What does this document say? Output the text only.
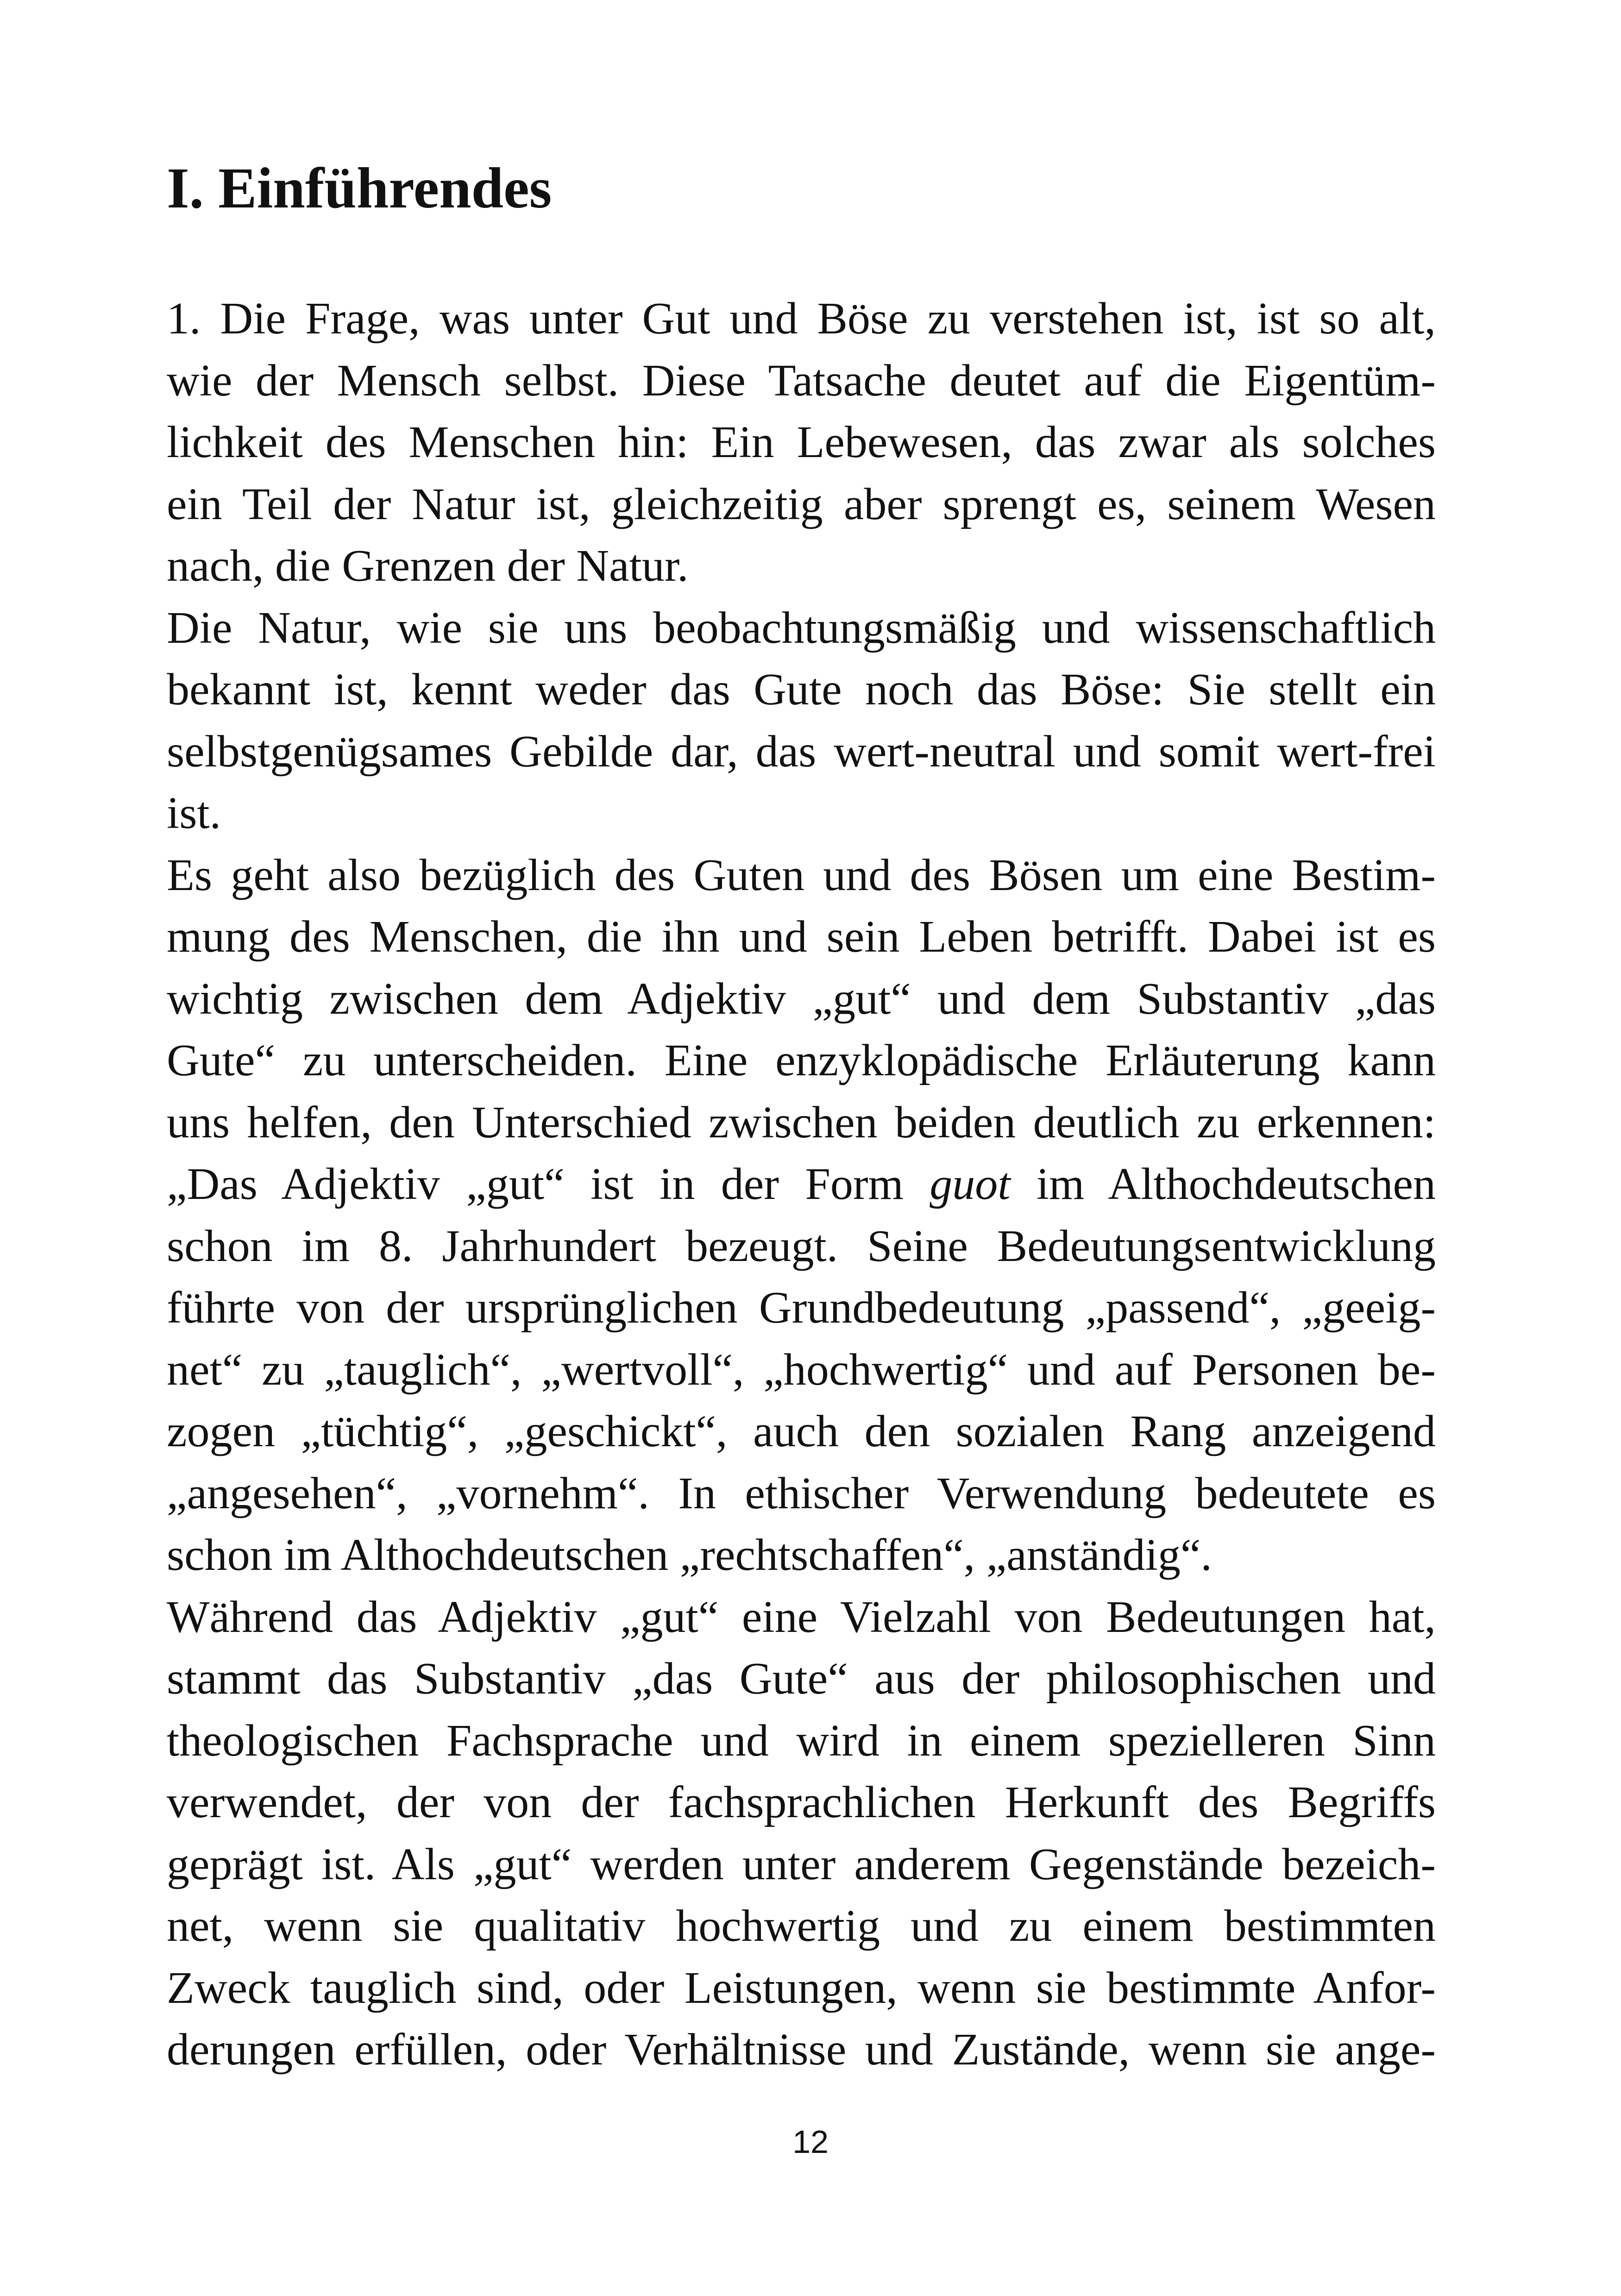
I. Einführendes
1. Die Frage, was unter Gut und Böse zu verstehen ist, ist so alt,
wie der Mensch selbst. Diese Tatsache deutet auf die Eigentüm-
lichkeit des Menschen hin: Ein Lebewesen, das zwar als solches
ein Teil der Natur ist, gleichzeitig aber sprengt es, seinem Wesen
nach, die Grenzen der Natur.
Die Natur, wie sie uns beobachtungsmäßig und wissenschaftlich
bekannt ist, kennt weder das Gute noch das Böse: Sie stellt ein
selbstgenügsames Gebilde dar, das wert-neutral und somit wert-frei
ist.
Es geht also bezüglich des Guten und des Bösen um eine Bestim-
mung des Menschen, die ihn und sein Leben betrifft. Dabei ist es
wichtig zwischen dem Adjektiv „gut“ und dem Substantiv „das
Gute“ zu unterscheiden. Eine enzyklopädische Erläuterung kann
uns helfen, den Unterschied zwischen beiden deutlich zu erkennen:
„Das Adjektiv „gut“ ist in der Form guot im Althochdeutschen
schon im 8. Jahrhundert bezeugt. Seine Bedeutungsentwicklung
führte von der ursprünglichen Grundbedeutung „passend“, „geeig-
net“ zu „tauglich“, „wertvoll“, „hochwertig“ und auf Personen be-
zogen „tüchtig“, „geschickt“, auch den sozialen Rang anzeigend
„angesehen“, „vornehm“. In ethischer Verwendung bedeutete es
schon im Althochdeutschen „rechtschaffen“, „anständig“.
Während das Adjektiv „gut“ eine Vielzahl von Bedeutungen hat,
stammt das Substantiv „das Gute“ aus der philosophischen und
theologischen Fachsprache und wird in einem spezielleren Sinn
verwendet, der von der fachsprachlichen Herkunft des Begriffs
geprägt ist. Als „gut“ werden unter anderem Gegenstände bezeich-
net, wenn sie qualitativ hochwertig und zu einem bestimmten
Zweck tauglich sind, oder Leistungen, wenn sie bestimmte Anfor-
derungen erfüllen, oder Verhältnisse und Zustände, wenn sie ange-
12
